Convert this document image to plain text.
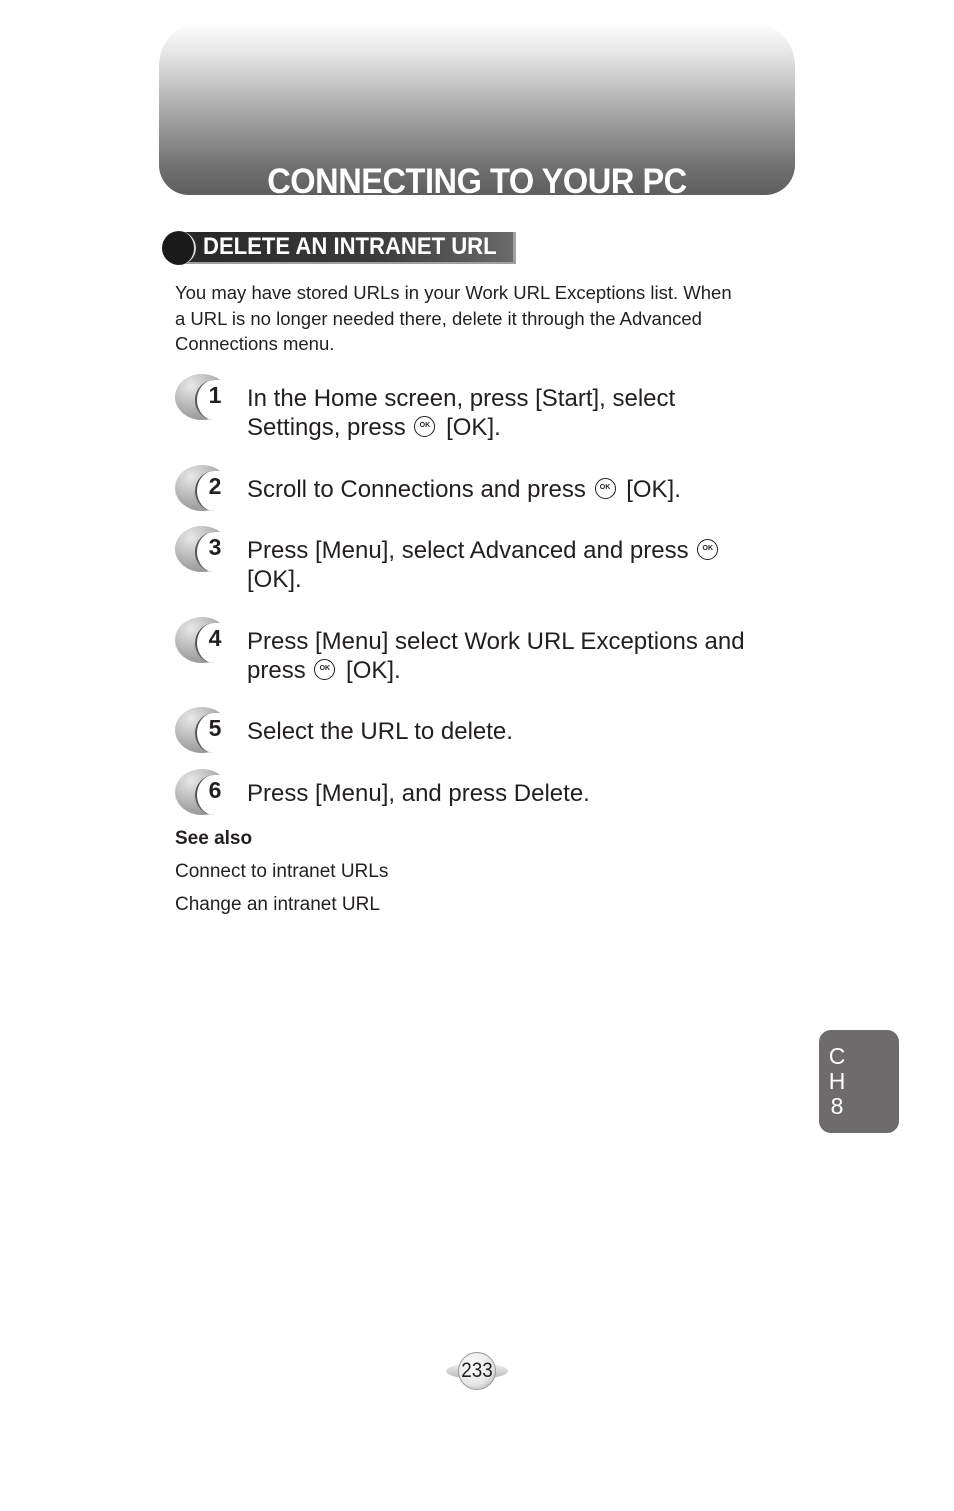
CONNECTING TO YOUR PC
DELETE AN INTRANET URL
You may have stored URLs in your Work URL Exceptions list. When
a URL is no longer needed there, delete it through the Advanced
Connections menu.
1 In the Home screen, press [Start], select
Settings, press OK [OK].
2 Scroll to Connections and press OK [OK].
3 Press [Menu], select Advanced and press OK
[OK].
4 Press [Menu] select Work URL Exceptions and
press OK [OK].
5 Select the URL to delete.
6 Press [Menu], and press Delete.
See also
Connect to intranet URLs
Change an intranet URL
C
H
8
233
